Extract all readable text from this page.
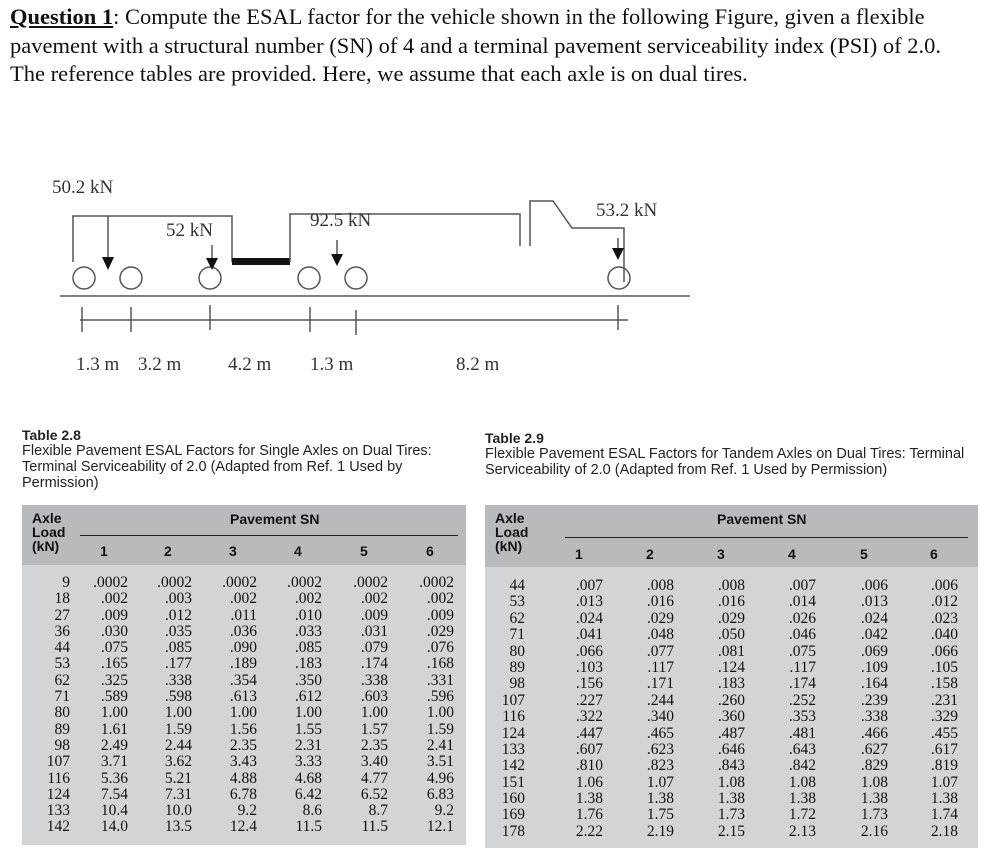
Question 1: Compute the ESAL factor for the vehicle shown in the following Figure, given a flexible pavement with a structural number (SN) of 4 and a terminal pavement serviceability index (PSI) of 2.0. The reference tables are provided. Here, we assume that each axle is on dual tires.
50.2 kN
52 kN	92.5 kN	53.2 kN
1.3 m 3.2 m 4.2 m 1.3 m	8.2 m
Table 2.8
Flexible Pavement ESAL Factors for Single Axles on Dual Tires: Terminal Serviceability of 2.0 (Adapted from Ref. 1 Used by Permission)
Table 2.9
Flexible Pavement ESAL Factors for Tandem Axles on Dual Tires: Terminal Serviceability of 2.0 (Adapted from Ref. 1 Used by Permission)
Axle
Load
(kN)
Pavement SN
1	2	3	4	5	6
9 .0002 .0002 .0002 .0002 .0002 .0002
18 .002 .003 .002 .002	.002	.002
27 .009 .012 .011 .010	.009	.009
36 .030 .035 .036 .033	.031	.029
44 .075 .085 .090 .085	.079	.076
53 .165 .177 .189 .183	.174	.168
62 .325 .338 .354 .350	.338	.331
71 .589 .598 .613 .612	.603	.596
80 1.00 1.00 1.00 1.00	1.00	1.00
89 1.61 1.59 1.56 1.55	1.57	1.59
98 2.49 2.44 2.35 2.31	2.35	2.41
107 3.71 3.62 3.43 3.33	3.40	3.51
116 5.36 5.21 4.88 4.68	4.77	4.96
124 7.54 7.31 6.78 6.42	6.52	6.83
133 10.4 10.0	9.2	8.6	8.7	9.2
142 14.0 13.5 12.4 11.5	11.5	12.1
Axle
Load
(kN)
Pavement SN
1	2	3	4	5	6
44	.007	.008	.008	.007	.006	.006
53	.013	.016	.016	.014	.013	.012
62	.024	.029	.029	.026	.024	.023
71	.041	.048	.050	.046	.042	.040
80	.066	.077	.081	.075	.069	.066
89	.103	.117	.124	.117	.109	.105
98	.156	.171	.183	.174	.164	.158
107	.227	.244	.260	.252	.239	.231
116	.322	.340	.360	.353	.338	.329
124	.447	.465	.487	.481	.466	.455
133	.607	.623	.646	.643	.627	.617
142	.810	.823	.843	.842	.829	.819
151	1.06	1.07	1.08	1.08	1.08	1.07
160	1.38	1.38	1.38	1.38	1.38	1.38
169	1.76	1.75	1.73	1.72	1.73	1.74
178	2.22	2.19	2.15	2.13	2.16	2.18
